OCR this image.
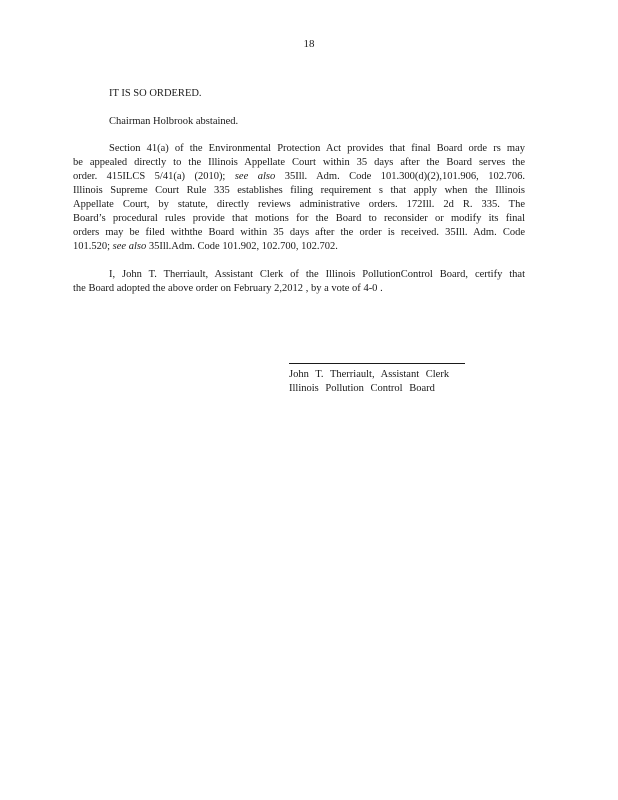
18

IT IS SO ORDERED.

Chairman Holbrook abstained.

Section 41(a) of the Environmental Protection Act provides that final Board orde rs may
be appealed directly to the Illinois Appellate Court within 35 days after the Board serves the
order. 415ILCS 5/41(a) (2010); see also 35Ill. Adm. Code 101.300(d)(2),101.906, 102.706.
Illinois Supreme Court Rule 335 establishes filing requirement s that apply when the Illinois
Appellate Court, by statute, directly reviews administrative orders. 172Ill. 2d R. 335. The
Board’s procedural rules provide that motions for the Board to reconsider or modify its final
orders may be filed withthe Board within 35 days after the order is received. 35Ill. Adm. Code
101.520; see also 35Ill.Adm. Code 101.902, 102.700, 102.702.
I, John T. Therriault, Assistant Clerk of the Illinois PollutionControl Board, certify that
the Board adopted the above order on February 2,2012 , by a vote of 4-0 .
John T. Therriault, Assistant Clerk
Illinois Pollution Control Board
